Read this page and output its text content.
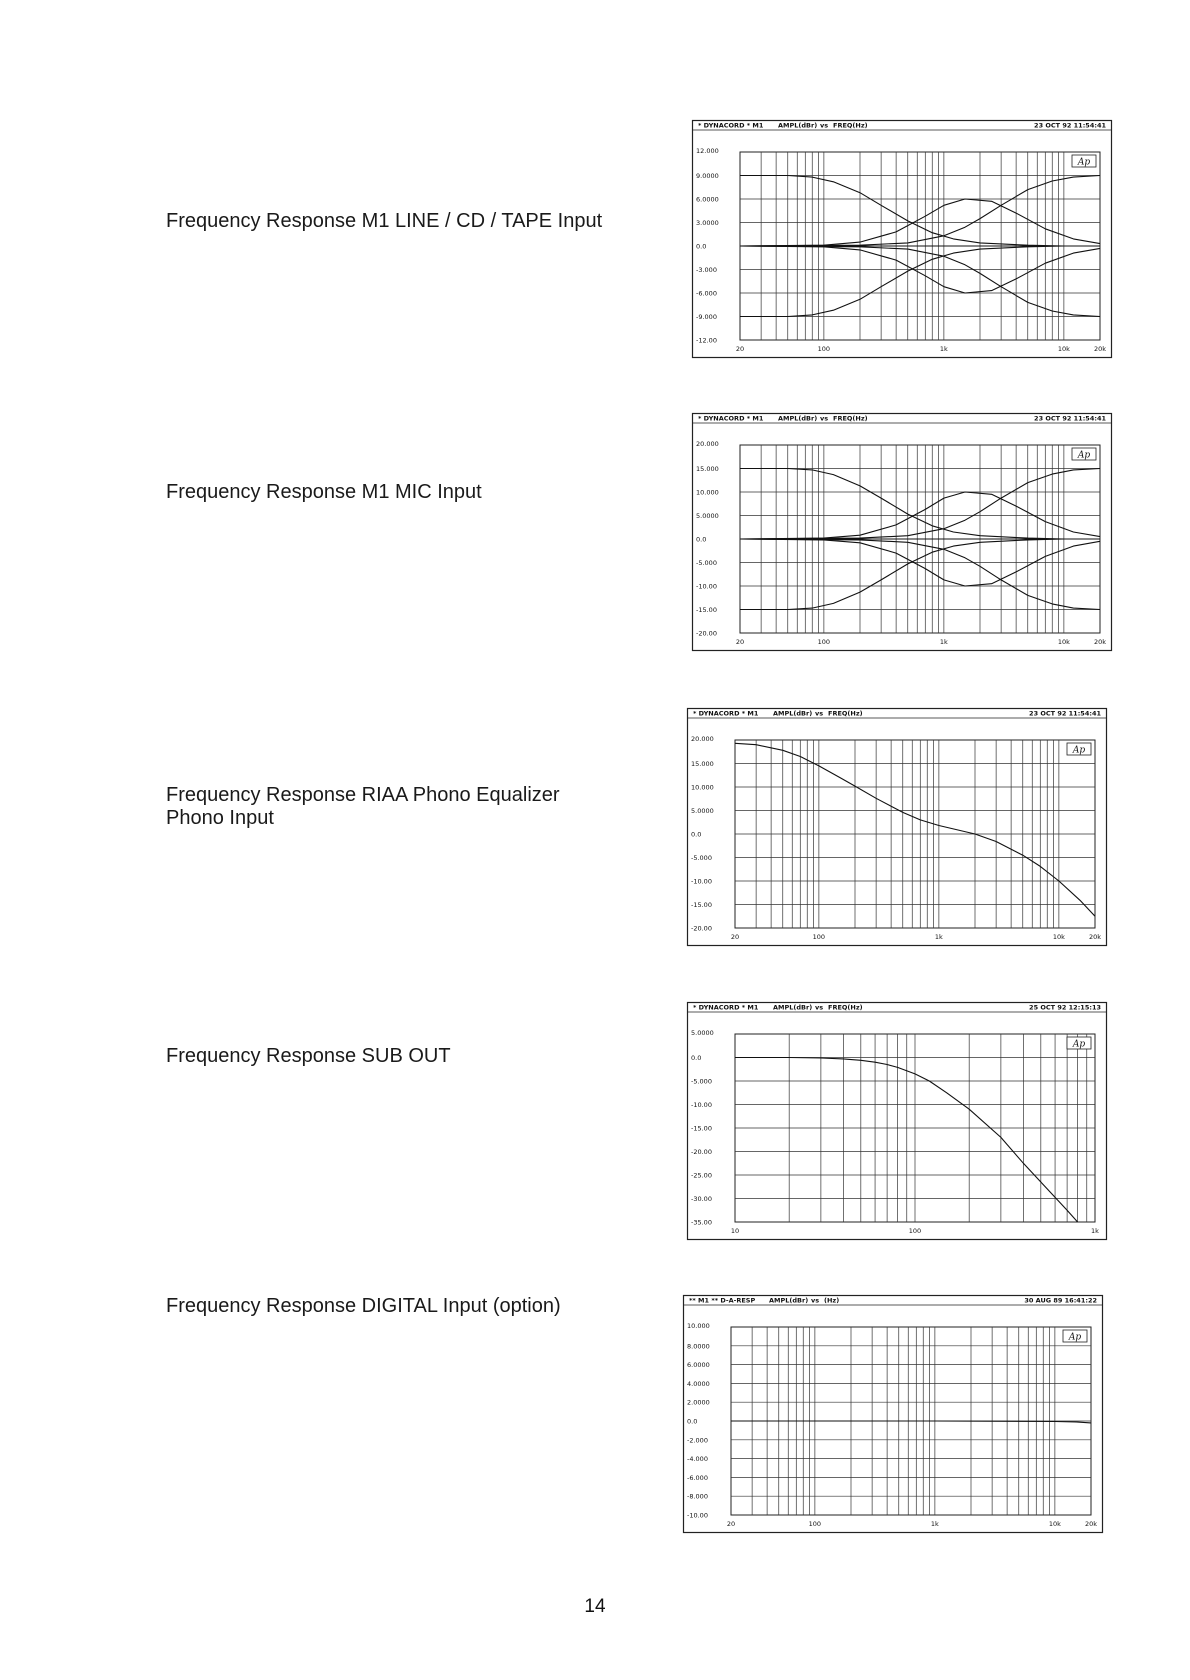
Frequency Response M1 LINE / CD / TAPE Input
Frequency Response M1 MIC Input
Frequency Response RIAA Phono Equalizer
Phono Input
Frequency Response SUB OUT
Frequency Response DIGITAL Input (option)
* DYNACORD * M1 AMPL(dBr) vs FREQ(Hz)	23 OCT 92 11:54:41
12.000
9.0000
6.0000
3.0000
0.0
-3.000
-6.000
-9.000
-12.00
20	100	1k	10k	20k
Ap
* DYNACORD * M1 AMPL(dBr) vs FREQ(Hz)	23 OCT 92 11:54:41
20.000
15.000
10.000
5.0000
0.0
-5.000
-10.00
-15.00
-20.00
20	100	1k	10k	20k
Ap
* DYNACORD * M1 AMPL(dBr) vs FREQ(Hz)	23 OCT 92 11:54:41
20.000
15.000
10.000
5.0000
0.0
-5.000
-10.00
-15.00
-20.00
20	100	1k	10k	20k
Ap
* DYNACORD * M1 AMPL(dBr) vs FREQ(Hz)	25 OCT 92 12:15:13
5.0000
0.0
-5.000
-10.00
-15.00
-20.00
-25.00
-30.00
-35.00
10	100	1k
Ap
** M1 ** D-A-RESP AMPL(dBr) vs (Hz)	30 AUG 89 16:41:22
10.000
8.0000
6.0000
4.0000
2.0000
0.0
-2.000
-4.000
-6.000
-8.000
-10.00
20	100	1k	10k	20k
Ap
14
